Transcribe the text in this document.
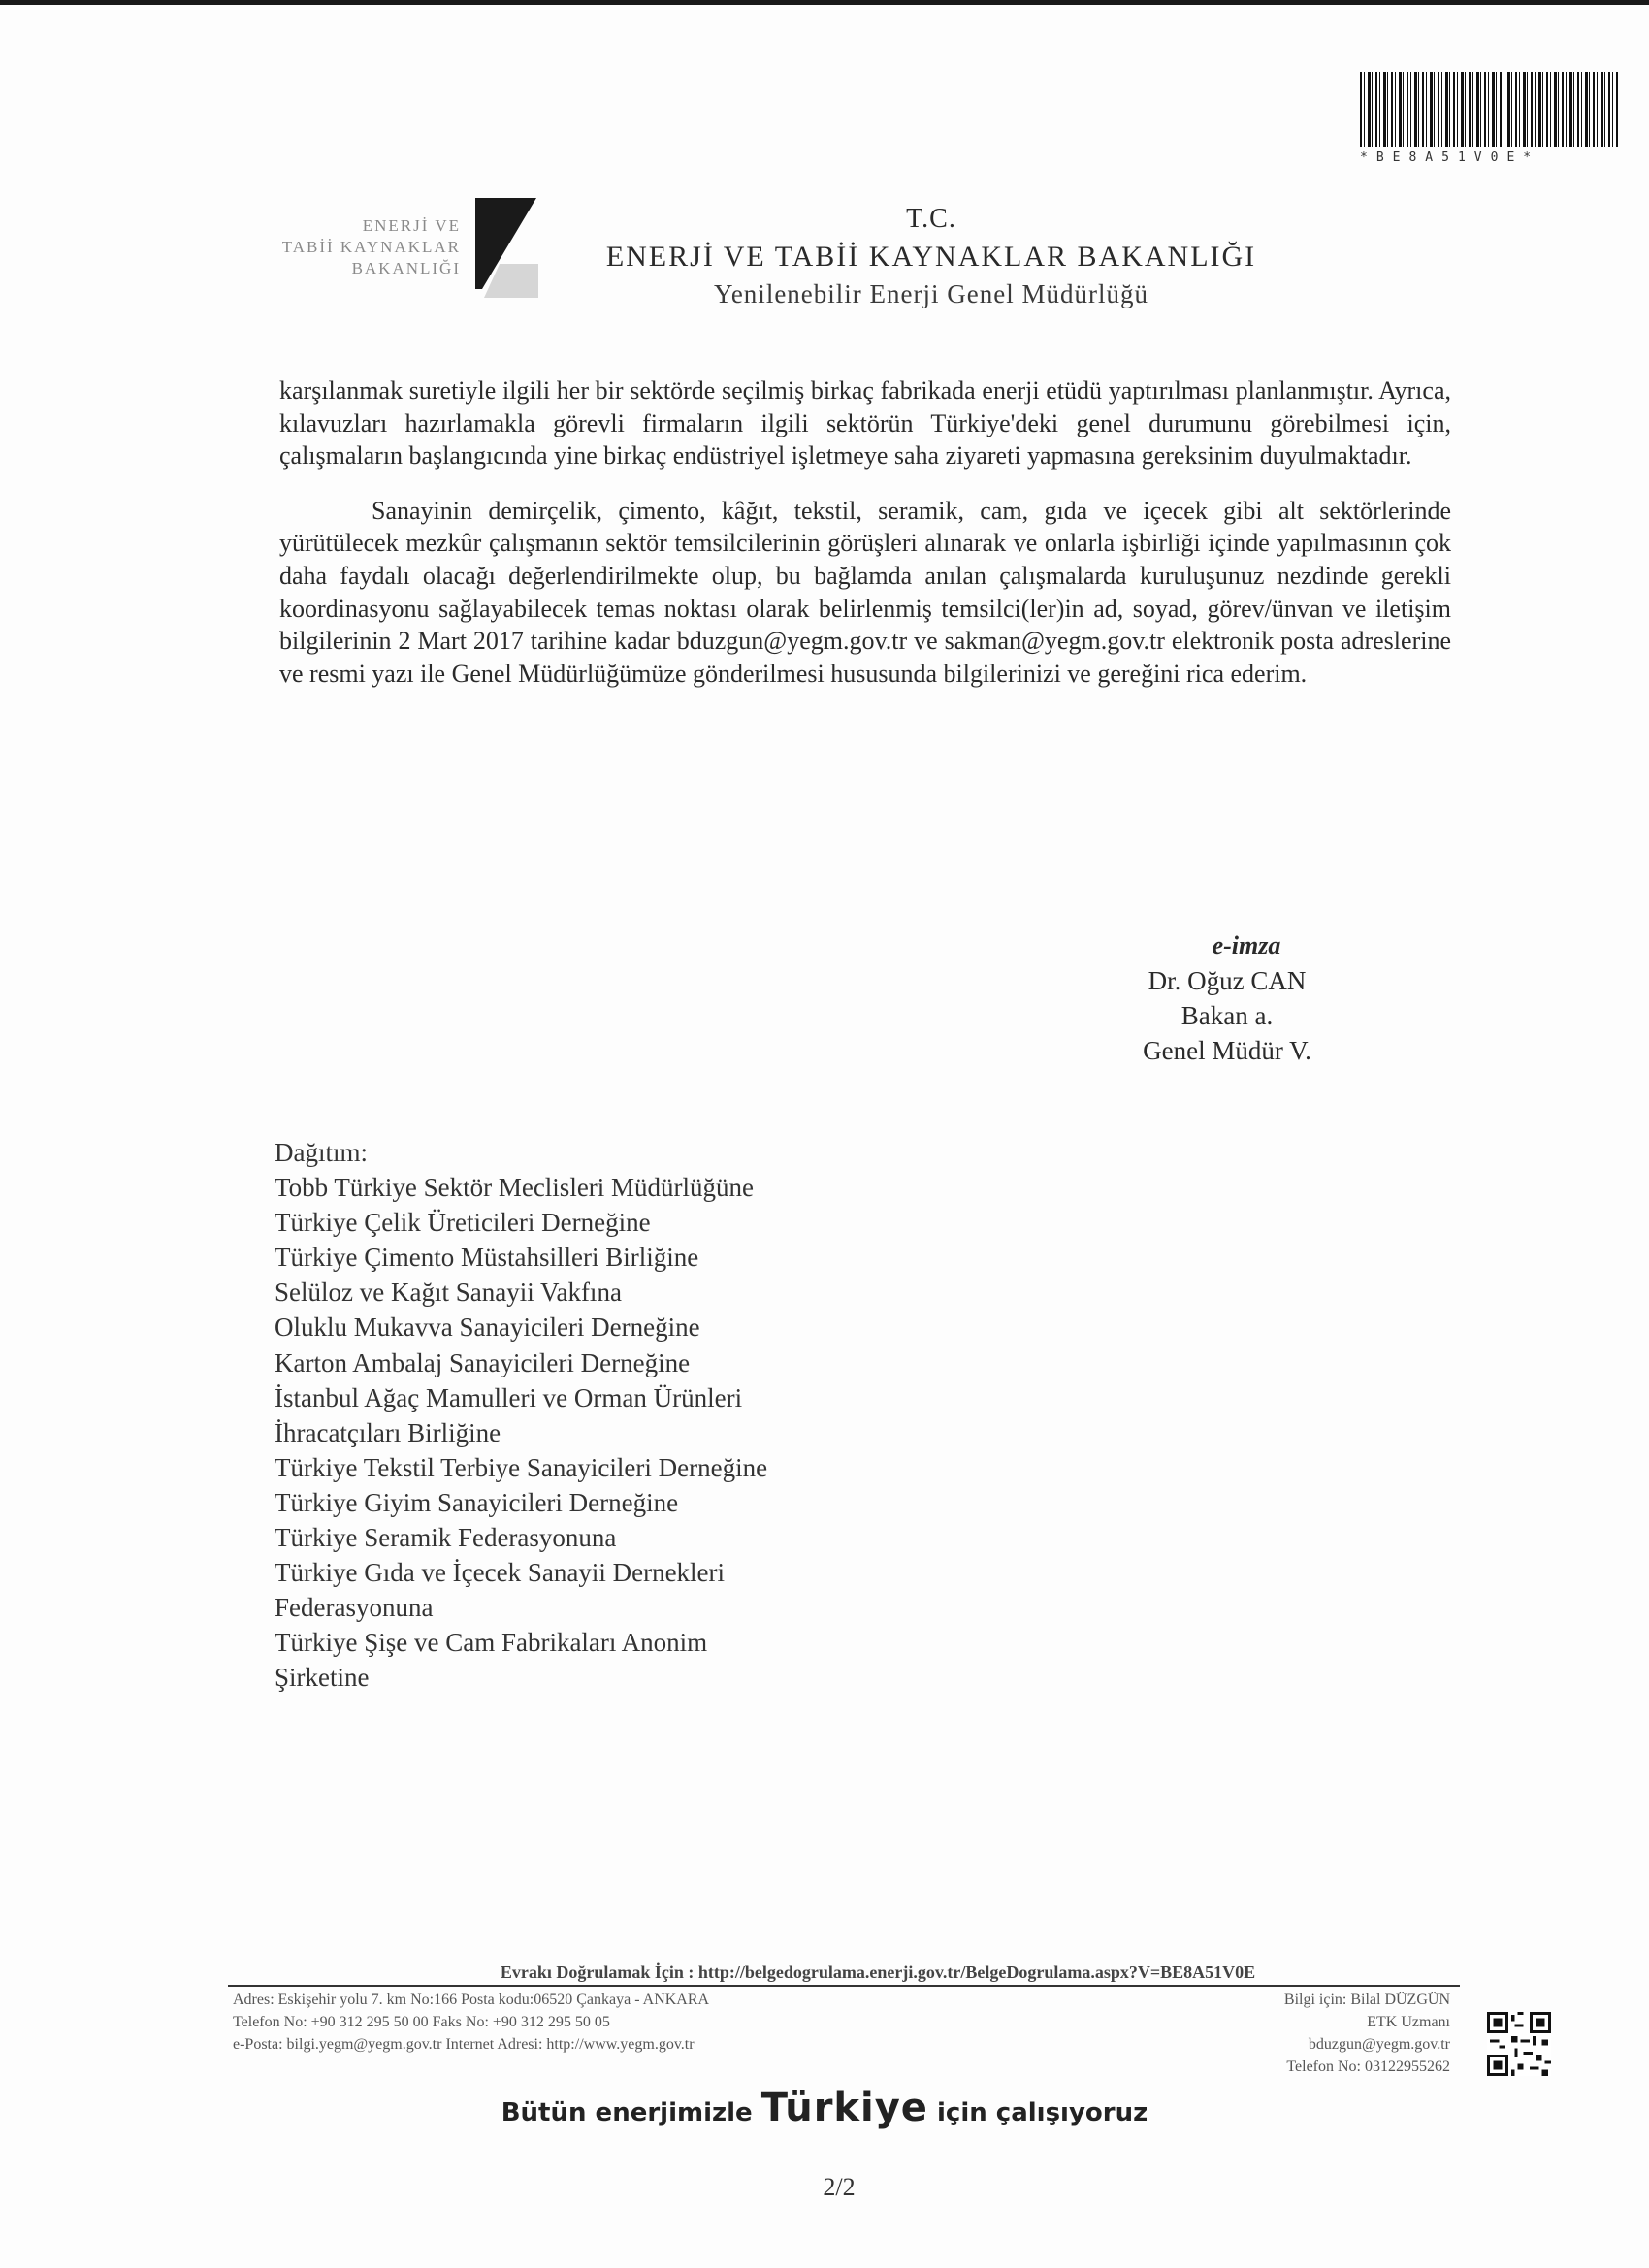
*BE8A51V0E*
ENERJİ VE
TABİİ KAYNAKLAR
BAKANLIĞI
T.C.
ENERJİ VE TABİİ KAYNAKLAR BAKANLIĞI
Yenilenebilir Enerji Genel Müdürlüğü

karşılanmak suretiyle ilgili her bir sektörde seçilmiş birkaç fabrikada enerji etüdü yaptırılması planlanmıştır. Ayrıca, kılavuzları hazırlamakla görevli firmaların ilgili sektörün Türkiye'deki genel durumunu görebilmesi için, çalışmaların başlangıcında yine birkaç endüstriyel işletmeye saha ziyareti yapmasına gereksinim duyulmaktadır.

Sanayinin demirçelik, çimento, kâğıt, tekstil, seramik, cam, gıda ve içecek gibi alt sektörlerinde yürütülecek mezkûr çalışmanın sektör temsilcilerinin görüşleri alınarak ve onlarla işbirliği içinde yapılmasının çok daha faydalı olacağı değerlendirilmekte olup, bu bağlamda anılan çalışmalarda kuruluşunuz nezdinde gerekli koordinasyonu sağlayabilecek temas noktası olarak belirlenmiş temsilci(ler)in ad, soyad, görev/ünvan ve iletişim bilgilerinin 2 Mart 2017 tarihine kadar bduzgun@yegm.gov.tr ve sakman@yegm.gov.tr elektronik posta adreslerine ve resmi yazı ile Genel Müdürlüğümüze gönderilmesi hususunda bilgilerinizi ve gereğini rica ederim.

e-imza
Dr. Oğuz CAN
Bakan a.
Genel Müdür V.
Dağıtım:
Tobb Türkiye Sektör Meclisleri Müdürlüğüne
Türkiye Çelik Üreticileri Derneğine
Türkiye Çimento Müstahsilleri Birliğine
Selüloz ve Kağıt Sanayii Vakfına
Oluklu Mukavva Sanayicileri Derneğine
Karton Ambalaj Sanayicileri Derneğine
İstanbul Ağaç Mamulleri ve Orman Ürünleri
İhracatçıları Birliğine
Türkiye Tekstil Terbiye Sanayicileri Derneğine
Türkiye Giyim Sanayicileri Derneğine
Türkiye Seramik Federasyonuna
Türkiye Gıda ve İçecek Sanayii Dernekleri
Federasyonuna
Türkiye Şişe ve Cam Fabrikaları Anonim
Şirketine
Evrakı Doğrulamak İçin : http://belgedogrulama.enerji.gov.tr/BelgeDogrulama.aspx?V=BE8A51V0E
Adres: Eskişehir yolu 7. km No:166 Posta kodu:06520 Çankaya - ANKARA
Telefon No: +90 312 295 50 00 Faks No: +90 312 295 50 05
e-Posta: bilgi.yegm@yegm.gov.tr Internet Adresi: http://www.yegm.gov.tr
Bilgi için: Bilal DÜZGÜN
ETK Uzmanı
bduzgun@yegm.gov.tr
Telefon No: 03122955262
Bütün enerjimizle Türkiye için çalışıyoruz
2/2
